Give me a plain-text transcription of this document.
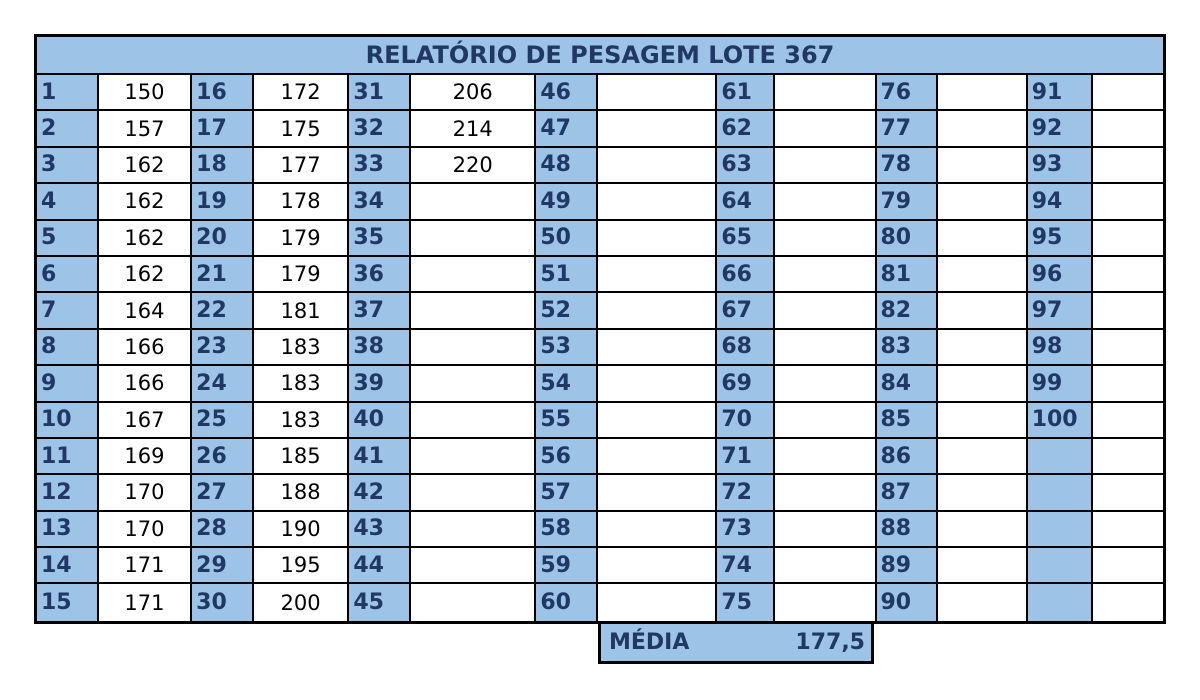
RELATÓRIO DE PESAGEM LOTE 367
1
2
3
4
5
6
7
8
9
10
11
12
13
14
15
150
157
162
162
162
162
164
166
166
167
169
170
170
171
171
16
17
18
19
20
21
22
23
24
25
26
27
28
29
30
172
175
177
178
179
179
181
183
183
183
185
188
190
195
200
31
32
33
34
35
36
37
38
39
40
41
42
43
44
45
206
214
220
46
47
48
49
50
51
52
53
54
55
56
57
58
59
60
61
62
63
64
65
66
67
68
69
70
71
72
73
74
75
76
77
78
79
80
81
82
83
84
85
86
87
88
89
90
91
92
93
94
95
96
97
98
99
100
MÉDIA	177,5
